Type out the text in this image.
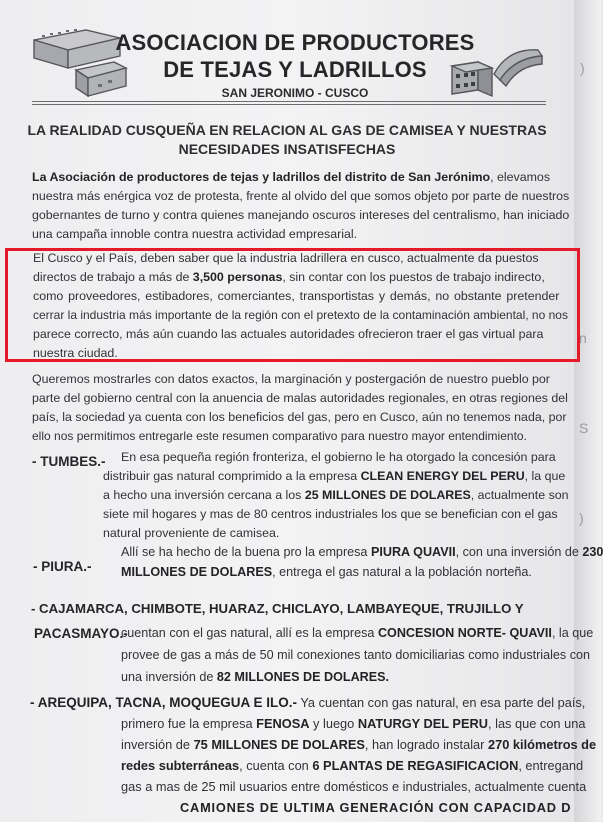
)
n
S
)
ASOCIACION DE PRODUCTORES
DE TEJAS Y LADRILLOS
SAN JERONIMO - CUSCO
LA REALIDAD CUSQUEÑA EN RELACION AL GAS DE CAMISEA Y NUESTRAS
NECESIDADES INSATISFECHAS
La Asociación de productores de tejas y ladrillos del distrito de San Jerónimo, elevamos
nuestra más enérgica voz de protesta, frente al olvido del que somos objeto por parte de nuestros
gobernantes de turno y contra quienes manejando oscuros intereses del centralismo, han iniciado
una campaña innoble contra nuestra actividad empresarial.
El Cusco y el País, deben saber que la industria ladrillera en cusco, actualmente da puestos
directos de trabajo a más de 3,500 personas, sin contar con los puestos de trabajo indirecto,
como proveedores, estibadores, comerciantes, transportistas y demás, no obstante pretender
cerrar la industria más importante de la región con el pretexto de la contaminación ambiental, no nos
parece correcto, más aún cuando las actuales autoridades ofrecieron traer el gas virtual para
nuestra ciudad.
Queremos mostrarles con datos exactos, la marginación y postergación de nuestro pueblo por
parte del gobierno central con la anuencia de malas autoridades regionales, en otras regiones del
país, la sociedad ya cuenta con los beneficios del gas, pero en Cusco, aún no tenemos nada, por
ello nos permitimos entregarle este resumen comparativo para nuestro mayor entendimiento.
- TUMBES.- En esa pequeña región fronteriza, el gobierno le ha otorgado la concesión para
distribuir gas natural comprimido a la empresa CLEAN ENERGY DEL PERU, la que
a hecho una inversión cercana a los 25 MILLONES DE DOLARES, actualmente son
siete mil hogares y mas de 80 centros industriales los que se benefician con el gas
natural proveniente de camisea.
- PIURA.-
Allí se ha hecho de la buena pro la empresa PIURA QUAVII, con una inversión de 230
MILLONES DE DOLARES, entrega el gas natural a la población norteña.
- CAJAMARCA, CHIMBOTE, HUARAZ, CHICLAYO, LAMBAYEQUE, TRUJILLO Y
PACASMAYO.-
cuentan con el gas natural, allí es la empresa CONCESION NORTE- QUAVII, la que
provee de gas a más de 50 mil conexiones tanto domiciliarias como industriales con
una inversión de 82 MILLONES DE DOLARES.
- AREQUIPA, TACNA, MOQUEGUA E ILO.- Ya cuentan con gas natural, en esa parte del país,
primero fue la empresa FENOSA y luego NATURGY DEL PERU, las que con una
inversión de 75 MILLONES DE DOLARES, han logrado instalar 270 kilómetros de
redes subterráneas, cuenta con 6 PLANTAS DE REGASIFICACION, entregand
gas a mas de 25 mil usuarios entre domésticos e industriales, actualmente cuenta
CAMIONES DE ULTIMA GENERACIÓN CON CAPACIDAD D
